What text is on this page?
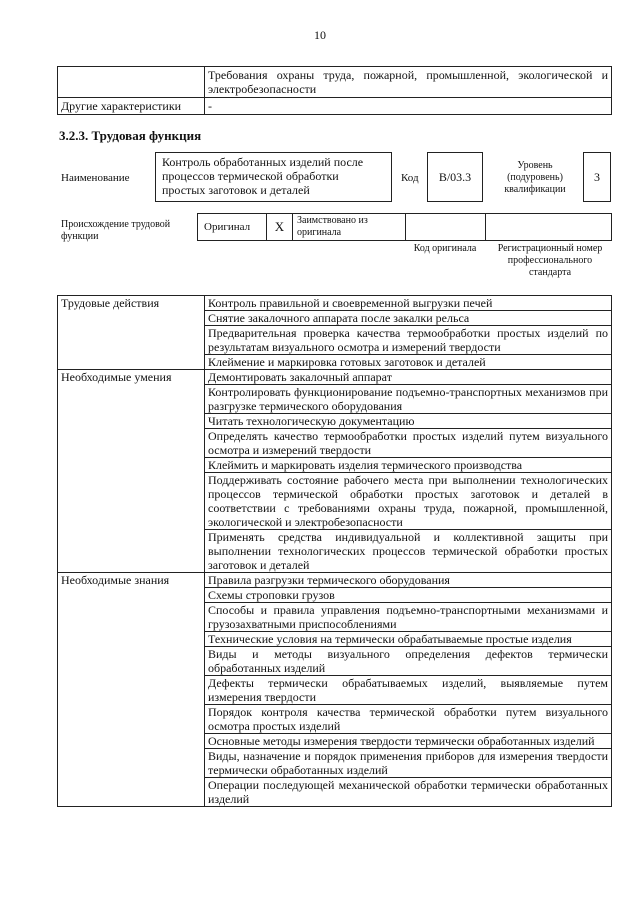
10
	Требования охраны труда, пожарной, промышленной, экологической и электробезопасности
Другие характеристики	-
3.2.3. Трудовая функция
Наименование
Контроль обработанных изделий после процессов термической обработки простых заготовок и деталей
Код B/03.3
Уровень (подуровень) квалификации
3
Происхождение трудовой функции
Оригинал X	Заимствовано из оригинала
Код оригинала	Регистрационный номер профессионального стандарта
Трудовые действия	Контроль правильной и своевременной выгрузки печей
	Снятие закалочного аппарата после закалки рельса
	Предварительная проверка качества термообработки простых изделий по результатам визуального осмотра и измерений твердости
	Клеймение и маркировка готовых заготовок и деталей
Необходимые умения	Демонтировать закалочный аппарат
	Контролировать функционирование подъемно-транспортных механизмов при разгрузке термического оборудования
	Читать технологическую документацию
	Определять качество термообработки простых изделий путем визуального осмотра и измерений твердости
	Клеймить и маркировать изделия термического производства
	Поддерживать состояние рабочего места при выполнении технологических процессов термической обработки простых заготовок и деталей в соответствии с требованиями охраны труда, пожарной, промышленной, экологической и электробезопасности
	Применять средства индивидуальной и коллективной защиты при выполнении технологических процессов термической обработки простых заготовок и деталей
Необходимые знания	Правила разгрузки термического оборудования
	Схемы строповки грузов
	Способы и правила управления подъемно-транспортными механизмами и грузозахватными приспособлениями
	Технические условия на термически обрабатываемые простые изделия
	Виды и методы визуального определения дефектов термически обработанных изделий
	Дефекты термически обрабатываемых изделий, выявляемые путем измерения твердости
	Порядок контроля качества термической обработки путем визуального осмотра простых изделий
	Основные методы измерения твердости термически обработанных изделий
	Виды, назначение и порядок применения приборов для измерения твердости термически обработанных изделий
	Операции последующей механической обработки термически обработанных изделий
